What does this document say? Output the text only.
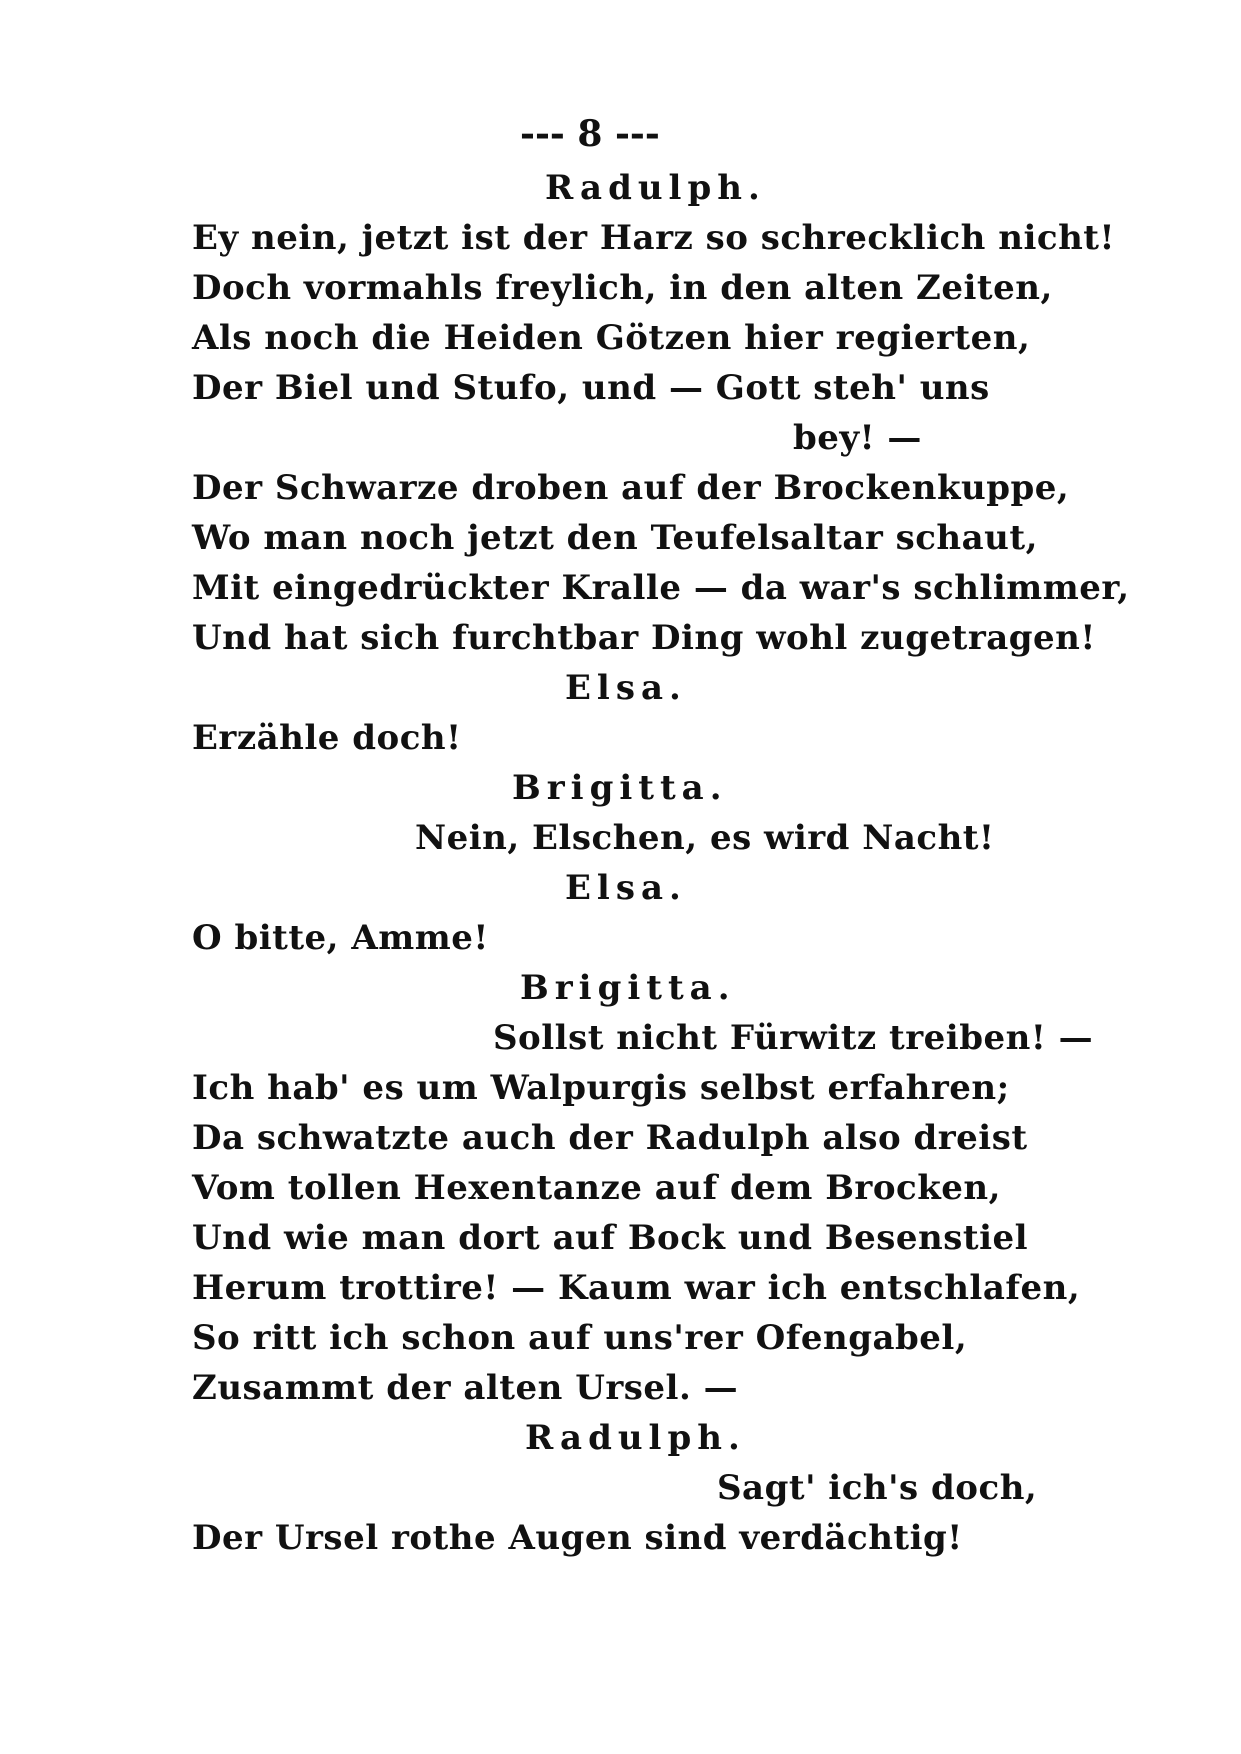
--- 8 ---
Radulph.
Ey nein, jetzt ist der Harz so schrecklich nicht!
Doch vormahls freylich, in den alten Zeiten,
Als noch die Heiden Götzen hier regierten,
Der Biel und Stufo, und — Gott steh' uns
bey! —
Der Schwarze droben auf der Brockenkuppe,
Wo man noch jetzt den Teufelsaltar schaut,
Mit eingedrückter Kralle — da war's schlimmer,
Und hat sich furchtbar Ding wohl zugetragen!
Elsa.
Erzähle doch!
Brigitta.
Nein, Elschen, es wird Nacht!
Elsa.
O bitte, Amme!
Brigitta.
Sollst nicht Fürwitz treiben! —
Ich hab' es um Walpurgis selbst erfahren;
Da schwatzte auch der Radulph also dreist
Vom tollen Hexentanze auf dem Brocken,
Und wie man dort auf Bock und Besenstiel
Herum trottire! — Kaum war ich entschlafen,
So ritt ich schon auf uns'rer Ofengabel,
Zusammt der alten Ursel. —
Radulph.
Sagt' ich's doch,
Der Ursel rothe Augen sind verdächtig!
